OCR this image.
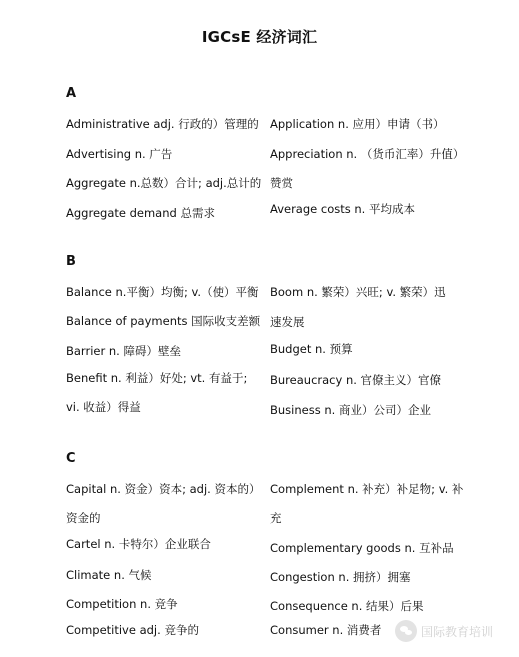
IGCsE 经济词汇
A
Administrative adj. 行政的）管理的
Advertising n. 广告
Aggregate n.总数）合计; adj.总计的
Aggregate demand 总需求
Application n. 应用）申请（书）
Appreciation n. （货币汇率）升值）
赞赏
Average costs n. 平均成本
B
Balance n.平衡）均衡; v.（使）平衡
Balance of payments 国际收支差额
Barrier n. 障碍）壁垒
Benefit n. 利益）好处; vt. 有益于;
vi. 收益）得益
Boom n. 繁荣）兴旺; v. 繁荣）迅
速发展
Budget n. 预算
Bureaucracy n. 官僚主义）官僚
Business n. 商业）公司）企业
C
Capital n. 资金）资本; adj. 资本的）
资金的
Cartel n. 卡特尔）企业联合
Climate n. 气候
Competition n. 竞争
Competitive adj. 竞争的
Complement n. 补充）补足物; v. 补
充
Complementary goods n. 互补品
Congestion n. 拥挤）拥塞
Consequence n. 结果）后果
Consumer n. 消费者	国际教育培训
